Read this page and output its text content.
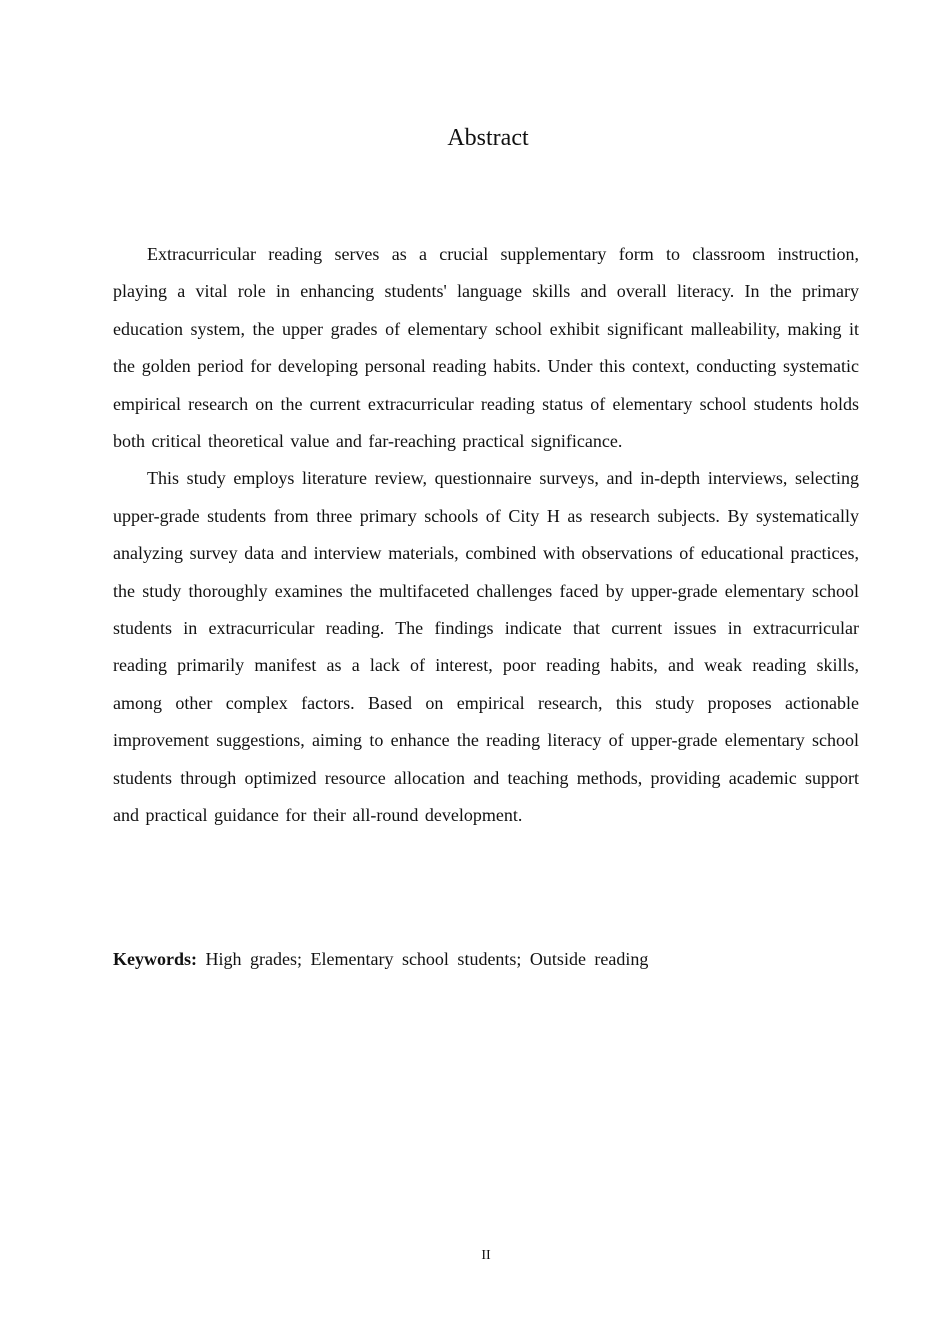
Abstract

Extracurricular reading serves as a crucial supplementary form to classroom instruction, playing a vital role in enhancing students' language skills and overall literacy. In the primary education system, the upper grades of elementary school exhibit significant malleability, making it the golden period for developing personal reading habits. Under this context, conducting systematic empirical research on the current extracurricular reading status of elementary school students holds both critical theoretical value and far-reaching practical significance.

This study employs literature review, questionnaire surveys, and in-depth interviews, selecting upper-grade students from three primary schools of City H as research subjects. By systematically analyzing survey data and interview materials, combined with observations of educational practices, the study thoroughly examines the multifaceted challenges faced by upper-grade elementary school students in extracurricular reading. The findings indicate that current issues in extracurricular reading primarily manifest as a lack of interest, poor reading habits, and weak reading skills, among other complex factors. Based on empirical research, this study proposes actionable improvement suggestions, aiming to enhance the reading literacy of upper-grade elementary school students through optimized resource allocation and teaching methods, providing academic support and practical guidance for their all-round development.

Keywords: High grades; Elementary school students; Outside reading
II
